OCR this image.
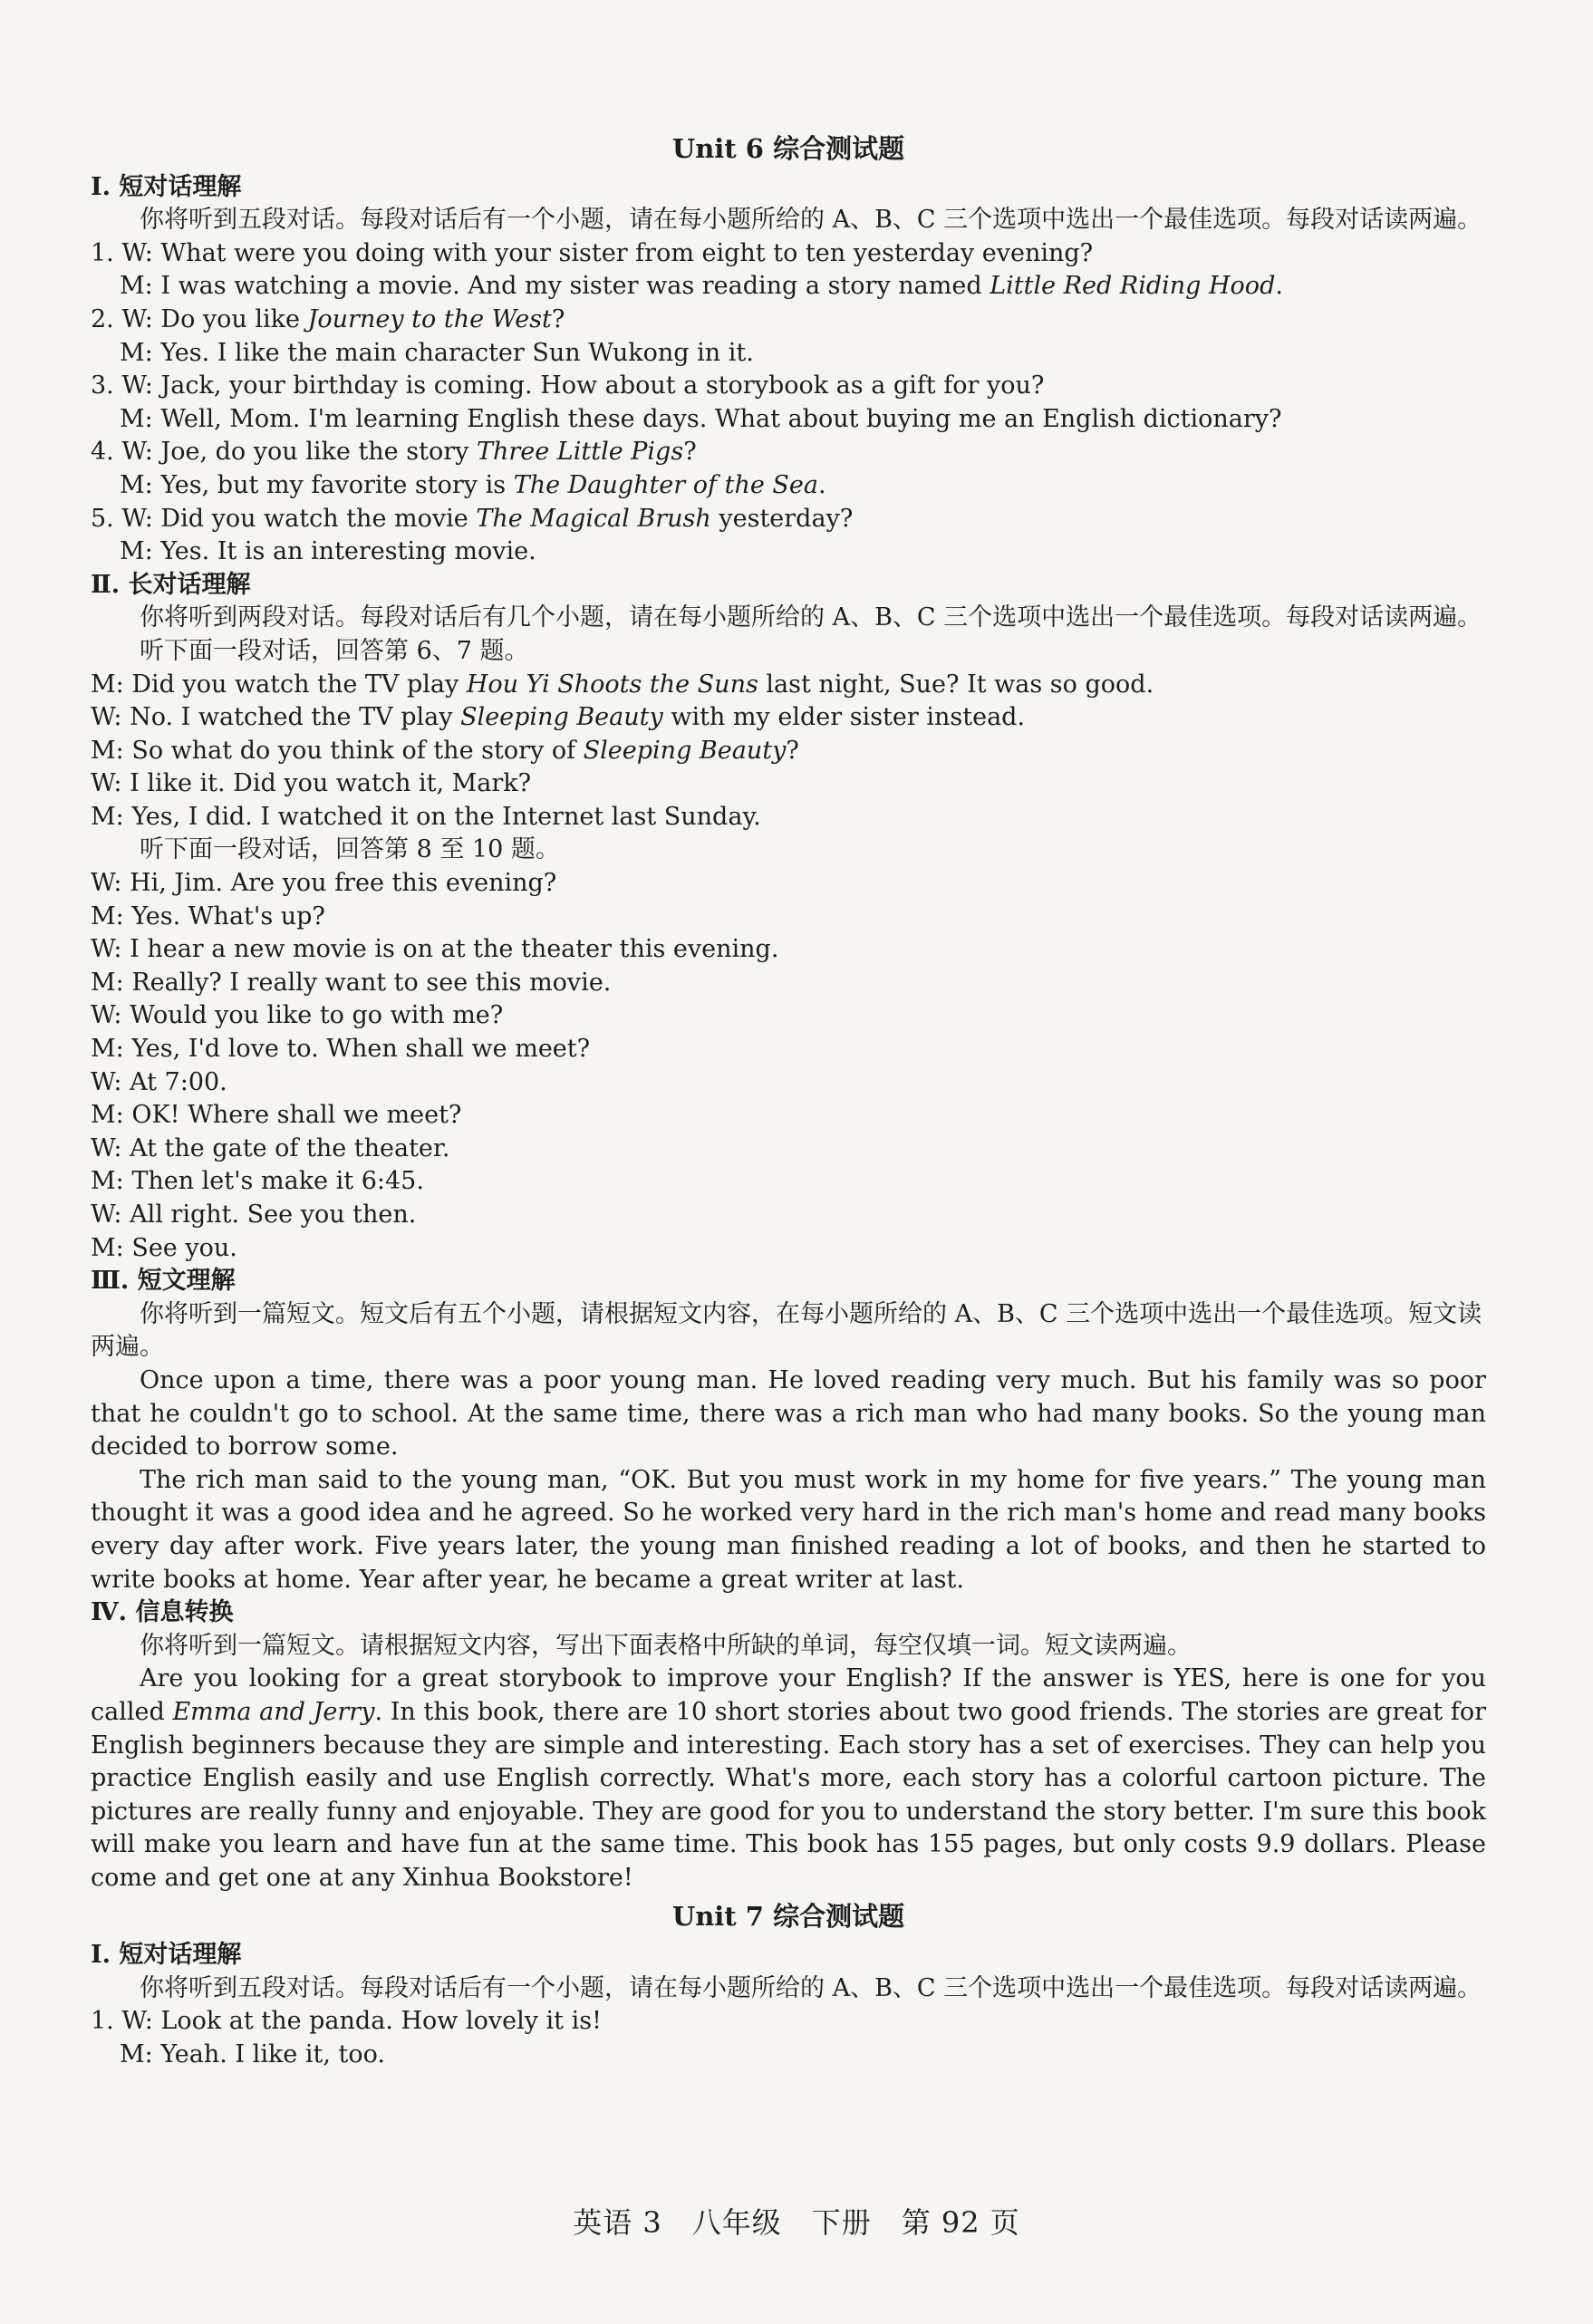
Unit 6 综合测试题
Ⅰ. 短对话理解
你将听到五段对话。每段对话后有一个小题，请在每小题所给的 A、B、C 三个选项中选出一个最佳选项。每段对话读两遍。
1. W: What were you doing with your sister from eight to ten yesterday evening?
M: I was watching a movie. And my sister was reading a story named Little Red Riding Hood.
2. W: Do you like Journey to the West?
M: Yes. I like the main character Sun Wukong in it.
3. W: Jack, your birthday is coming. How about a storybook as a gift for you?
M: Well, Mom. I'm learning English these days. What about buying me an English dictionary?
4. W: Joe, do you like the story Three Little Pigs?
M: Yes, but my favorite story is The Daughter of the Sea.
5. W: Did you watch the movie The Magical Brush yesterday?
M: Yes. It is an interesting movie.
Ⅱ. 长对话理解
你将听到两段对话。每段对话后有几个小题，请在每小题所给的 A、B、C 三个选项中选出一个最佳选项。每段对话读两遍。
听下面一段对话，回答第 6、7 题。
M: Did you watch the TV play Hou Yi Shoots the Suns last night, Sue? It was so good.
W: No. I watched the TV play Sleeping Beauty with my elder sister instead.
M: So what do you think of the story of Sleeping Beauty?
W: I like it. Did you watch it, Mark?
M: Yes, I did. I watched it on the Internet last Sunday.
听下面一段对话，回答第 8 至 10 题。
W: Hi, Jim. Are you free this evening?
M: Yes. What's up?
W: I hear a new movie is on at the theater this evening.
M: Really? I really want to see this movie.
W: Would you like to go with me?
M: Yes, I'd love to. When shall we meet?
W: At 7:00.
M: OK! Where shall we meet?
W: At the gate of the theater.
M: Then let's make it 6:45.
W: All right. See you then.
M: See you.
Ⅲ. 短文理解
你将听到一篇短文。短文后有五个小题，请根据短文内容，在每小题所给的 A、B、C 三个选项中选出一个最佳选项。短文读两遍。
Once upon a time, there was a poor young man. He loved reading very much. But his family was so poor that he couldn't go to school. At the same time, there was a rich man who had many books. So the young man decided to borrow some.
The rich man said to the young man, “OK. But you must work in my home for five years.” The young man thought it was a good idea and he agreed. So he worked very hard in the rich man's home and read many books every day after work. Five years later, the young man finished reading a lot of books, and then he started to write books at home. Year after year, he became a great writer at last.
Ⅳ. 信息转换
你将听到一篇短文。请根据短文内容，写出下面表格中所缺的单词，每空仅填一词。短文读两遍。
Are you looking for a great storybook to improve your English? If the answer is YES, here is one for you called Emma and Jerry. In this book, there are 10 short stories about two good friends. The stories are great for English beginners because they are simple and interesting. Each story has a set of exercises. They can help you practice English easily and use English correctly. What's more, each story has a colorful cartoon picture. The pictures are really funny and enjoyable. They are good for you to understand the story better. I'm sure this book will make you learn and have fun at the same time. This book has 155 pages, but only costs 9.9 dollars. Please come and get one at any Xinhua Bookstore!
Unit 7 综合测试题
Ⅰ. 短对话理解
你将听到五段对话。每段对话后有一个小题，请在每小题所给的 A、B、C 三个选项中选出一个最佳选项。每段对话读两遍。
1. W: Look at the panda. How lovely it is!
M: Yeah. I like it, too.
英语 3　八年级　下册　第 92 页
